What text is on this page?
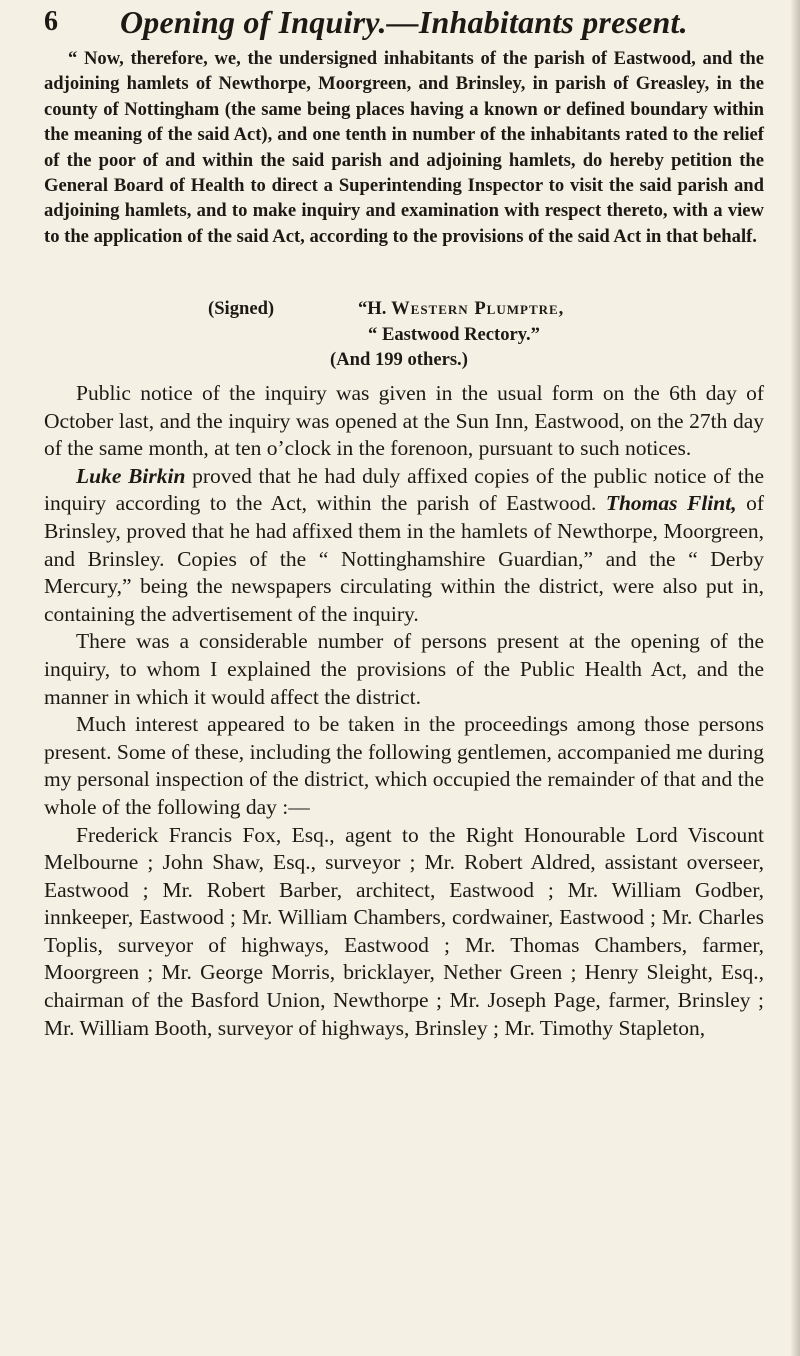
6 Opening of Inquiry.—Inhabitants present.

“ Now, therefore, we, the undersigned inhabitants of the parish of Eastwood, and the adjoining hamlets of Newthorpe, Moorgreen, and Brinsley, in parish of Greasley, in the county of Nottingham (the same being places having a known or defined boundary within the meaning of the said Act), and one tenth in number of the inhabitants rated to the relief of the poor of and within the said parish and adjoining hamlets, do hereby petition the General Board of Health to direct a Superintending Inspector to visit the said parish and adjoining hamlets, and to make inquiry and examination with respect thereto, with a view to the application of the said Act, according to the provisions of the said Act in that behalf.

(Signed)	“H. Western Plumptre,
“ Eastwood Rectory.”
(And 199 others.)

Public notice of the inquiry was given in the usual form on the 6th day of October last, and the inquiry was opened at the Sun Inn, Eastwood, on the 27th day of the same month, at ten o’clock in the forenoon, pursuant to such notices.

Luke Birkin proved that he had duly affixed copies of the public notice of the inquiry according to the Act, within the parish of Eastwood. Thomas Flint, of Brinsley, proved that he had affixed them in the hamlets of Newthorpe, Moorgreen, and Brinsley. Copies of the “ Nottinghamshire Guardian,” and the “ Derby Mercury,” being the newspapers circulating within the district, were also put in, containing the advertisement of the inquiry.

There was a considerable number of persons present at the opening of the inquiry, to whom I explained the provisions of the Public Health Act, and the manner in which it would affect the district.

Much interest appeared to be taken in the proceedings among those persons present. Some of these, including the following gentlemen, accompanied me during my personal inspection of the district, which occupied the remainder of that and the whole of the following day :—

Frederick Francis Fox, Esq., agent to the Right Honourable Lord Viscount Melbourne ; John Shaw, Esq., surveyor ; Mr. Robert Aldred, assistant overseer, Eastwood ; Mr. Robert Barber, architect, Eastwood ; Mr. William Godber, innkeeper, Eastwood ; Mr. William Chambers, cordwainer, Eastwood ; Mr. Charles Toplis, surveyor of highways, Eastwood ; Mr. Thomas Chambers, farmer, Moorgreen ; Mr. George Morris, bricklayer, Nether Green ; Henry Sleight, Esq., chairman of the Basford Union, Newthorpe ; Mr. Joseph Page, farmer, Brinsley ; Mr. William Booth, surveyor of highways, Brinsley ; Mr. Timothy Stapleton,
